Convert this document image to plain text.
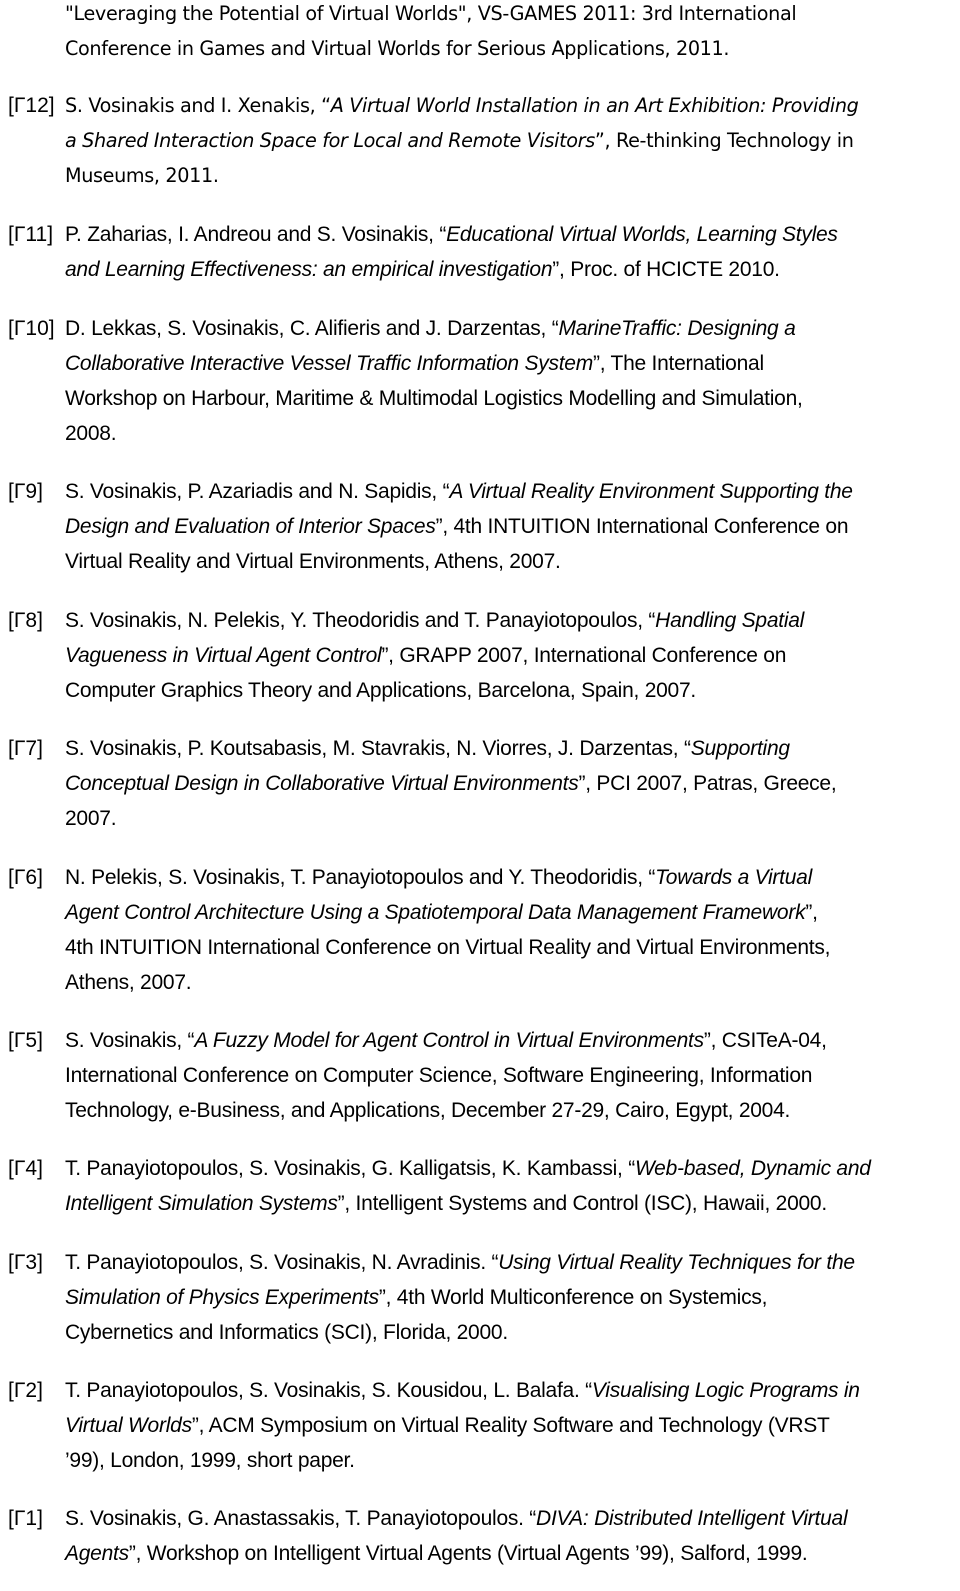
"Leveraging the Potential of Virtual Worlds", VS-GAMES 2011: 3rd International
Conference in Games and Virtual Worlds for Serious Applications, 2011.
[Γ12] S. Vosinakis and I. Xenakis, “A Virtual World Installation in an Art Exhibition: Providing
a Shared Interaction Space for Local and Remote Visitors”, Re-thinking Technology in
Museums, 2011.
[Γ11] P. Zaharias, I. Andreou and S. Vosinakis, “Educational Virtual Worlds, Learning Styles
and Learning Effectiveness: an empirical investigation”, Proc. of HCICTE 2010.
[Γ10] D. Lekkas, S. Vosinakis, C. Alifieris and J. Darzentas, “MarineTraffic: Designing a
Collaborative Interactive Vessel Traffic Information System”, The International
Workshop on Harbour, Maritime & Multimodal Logistics Modelling and Simulation,
2008.
[Γ9] S. Vosinakis, P. Azariadis and N. Sapidis, “A Virtual Reality Environment Supporting the
Design and Evaluation of Interior Spaces”, 4th INTUITION International Conference on
Virtual Reality and Virtual Environments, Athens, 2007.
[Γ8] S. Vosinakis, N. Pelekis, Y. Theodoridis and T. Panayiotopoulos, “Handling Spatial
Vagueness in Virtual Agent Control”, GRAPP 2007, International Conference on
Computer Graphics Theory and Applications, Barcelona, Spain, 2007.
[Γ7] S. Vosinakis, P. Koutsabasis, M. Stavrakis, N. Viorres, J. Darzentas, “Supporting
Conceptual Design in Collaborative Virtual Environments”, PCI 2007, Patras, Greece,
2007.
[Γ6] N. Pelekis, S. Vosinakis, T. Panayiotopoulos and Y. Theodoridis, “Towards a Virtual
Agent Control Architecture Using a Spatiotemporal Data Management Framework”,
4th INTUITION International Conference on Virtual Reality and Virtual Environments,
Athens, 2007.
[Γ5] S. Vosinakis, “A Fuzzy Model for Agent Control in Virtual Environments”, CSITeA-04,
International Conference on Computer Science, Software Engineering, Information
Technology, e-Business, and Applications, December 27-29, Cairo, Egypt, 2004.
[Γ4] T. Panayiotopoulos, S. Vosinakis, G. Kalligatsis, K. Kambassi, “Web-based, Dynamic and
Intelligent Simulation Systems”, Intelligent Systems and Control (ISC), Hawaii, 2000.
[Γ3] T. Panayiotopoulos, S. Vosinakis, N. Avradinis. “Using Virtual Reality Techniques for the
Simulation of Physics Experiments”, 4th World Multiconference on Systemics,
Cybernetics and Informatics (SCI), Florida, 2000.
[Γ2] T. Panayiotopoulos, S. Vosinakis, S. Kousidou, L. Balafa. “Visualising Logic Programs in
Virtual Worlds”, ACM Symposium on Virtual Reality Software and Technology (VRST
’99), London, 1999, short paper.
[Γ1] S. Vosinakis, G. Anastassakis, T. Panayiotopoulos. “DIVA: Distributed Intelligent Virtual
Agents”, Workshop on Intelligent Virtual Agents (Virtual Agents ’99), Salford, 1999.
